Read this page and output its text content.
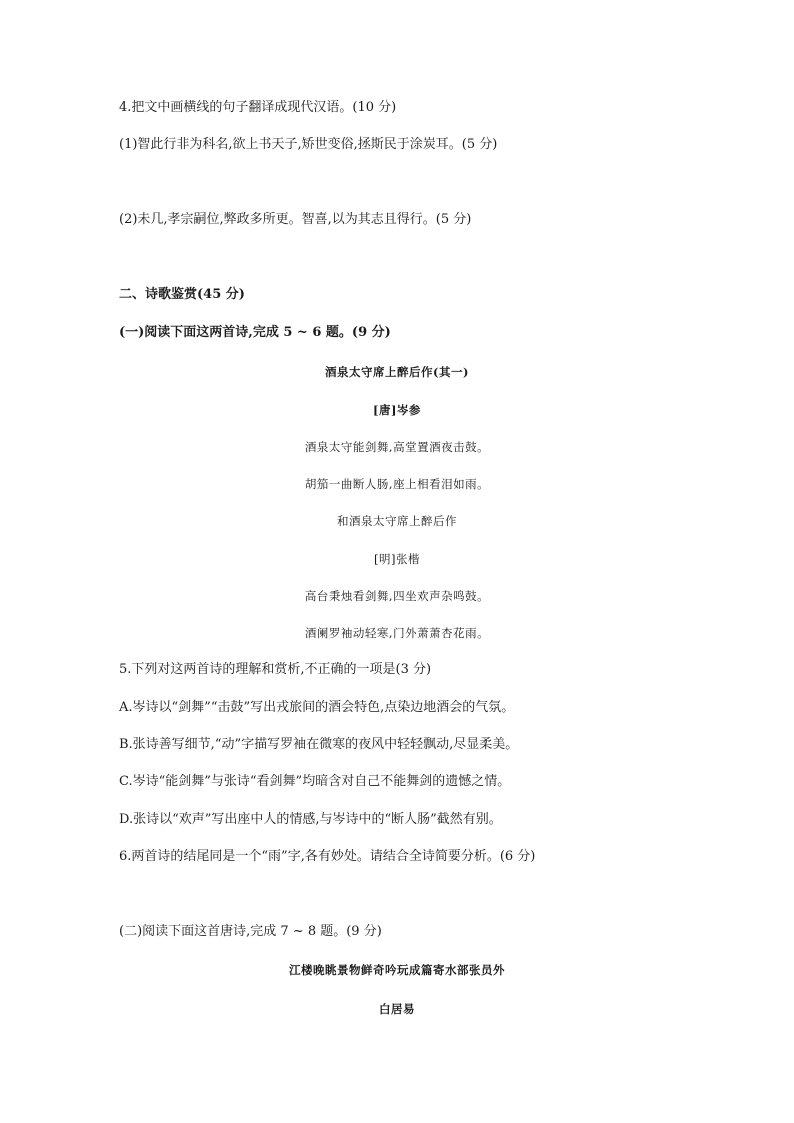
4.把文中画横线的句子翻译成现代汉语。(10 分)
(1)智此行非为科名,欲上书天子,矫世变俗,拯斯民于涂炭耳。(5 分)
(2)未几,孝宗嗣位,弊政多所更。智喜,以为其志且得行。(5 分)
二、诗歌鉴赏(45 分)
(一)阅读下面这两首诗,完成 5 ~ 6 题。(9 分)
酒泉太守席上醉后作(其一)
[唐]岑参
酒泉太守能剑舞,高堂置酒夜击鼓。
胡笳一曲断人肠,座上相看泪如雨。
和酒泉太守席上醉后作
[明]张楷
高台秉烛看剑舞,四坐欢声杂鸣鼓。
酒阑罗袖动轻寒,门外萧萧杏花雨。
5.下列对这两首诗的理解和赏析,不正确的一项是(3 分)
A.岑诗以“剑舞”“击鼓”写出戎旅间的酒会特色,点染边地酒会的气氛。
B.张诗善写细节,“动”字描写罗袖在微寒的夜风中轻轻飘动,尽显柔美。
C.岑诗“能剑舞”与张诗“看剑舞”均暗含对自己不能舞剑的遗憾之情。
D.张诗以“欢声”写出座中人的情感,与岑诗中的“断人肠”截然有别。
6.两首诗的结尾同是一个“雨”字,各有妙处。请结合全诗简要分析。(6 分)
(二)阅读下面这首唐诗,完成 7 ~ 8 题。(9 分)
江楼晚眺景物鲜奇吟玩成篇寄水部张员外
白居易
